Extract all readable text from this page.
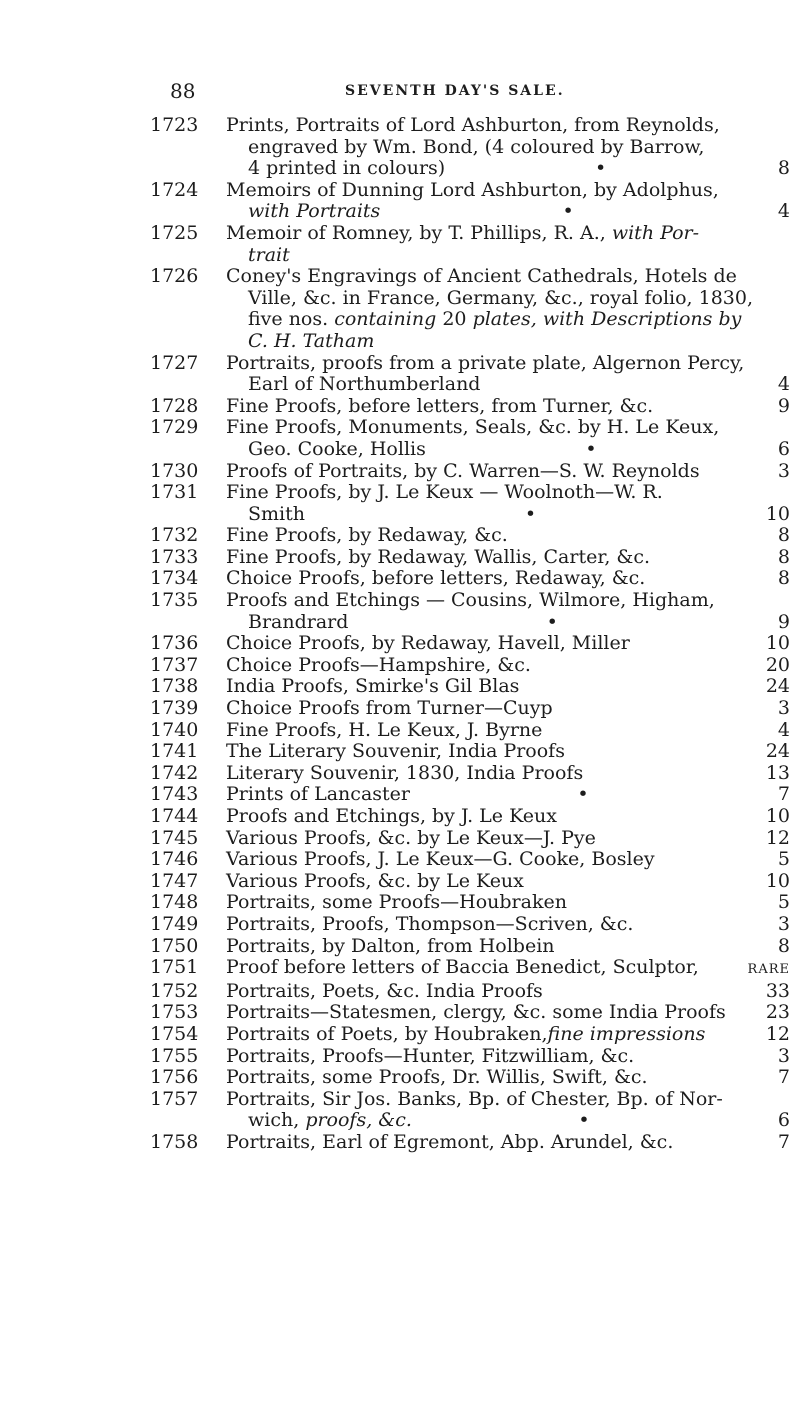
88	SEVENTH DAY'S SALE.
1723	Prints, Portraits of Lord Ashburton, from Reynolds,
engraved by Wm. Bond, (4 coloured by Barrow,
4 printed in colours)	•	8
1724	Memoirs of Dunning Lord Ashburton, by Adolphus,
with Portraits	•	4
1725	Memoir of Romney, by T. Phillips, R. A., with Por-
trait
1726	Coney's Engravings of Ancient Cathedrals, Hotels de
Ville, &c. in France, Germany, &c., royal folio, 1830,
five nos. containing 20 plates, with Descriptions by
C. H. Tatham
1727	Portraits, proofs from a private plate, Algernon Percy,
Earl of Northumberland	4
1728	Fine Proofs, before letters, from Turner, &c.	9
1729	Fine Proofs, Monuments, Seals, &c. by H. Le Keux,
Geo. Cooke, Hollis	•	6
1730	Proofs of Portraits, by C. Warren—S. W. Reynolds	3
1731	Fine Proofs, by J. Le Keux — Woolnoth—W. R.
Smith	•	10
1732	Fine Proofs, by Redaway, &c.	8
1733	Fine Proofs, by Redaway, Wallis, Carter, &c.	8
1734	Choice Proofs, before letters, Redaway, &c.	8
1735	Proofs and Etchings — Cousins, Wilmore, Higham,
Brandrard	•	9
1736	Choice Proofs, by Redaway, Havell, Miller	10
1737	Choice Proofs—Hampshire, &c.	20
1738	India Proofs, Smirke's Gil Blas	24
1739	Choice Proofs from Turner—Cuyp	3
1740	Fine Proofs, H. Le Keux, J. Byrne	4
1741	The Literary Souvenir, India Proofs	24
1742	Literary Souvenir, 1830, India Proofs	13
1743	Prints of Lancaster	•	7
1744	Proofs and Etchings, by J. Le Keux	10
1745	Various Proofs, &c. by Le Keux—J. Pye	12
1746	Various Proofs, J. Le Keux—G. Cooke, Bosley	5
1747	Various Proofs, &c. by Le Keux	10
1748	Portraits, some Proofs—Houbraken	5
1749	Portraits, Proofs, Thompson—Scriven, &c.	3
1750	Portraits, by Dalton, from Holbein	8
1751	Proof before letters of Baccia Benedict, Sculptor,	RARE
1752	Portraits, Poets, &c. India Proofs	33
1753	Portraits—Statesmen, clergy, &c. some India Proofs	23
1754	Portraits of Poets, by Houbraken,fine impressions	12
1755	Portraits, Proofs—Hunter, Fitzwilliam, &c.	3
1756	Portraits, some Proofs, Dr. Willis, Swift, &c.	7
1757	Portraits, Sir Jos. Banks, Bp. of Chester, Bp. of Nor-
wich, proofs, &c.	•	6
1758	Portraits, Earl of Egremont, Abp. Arundel, &c.	7
